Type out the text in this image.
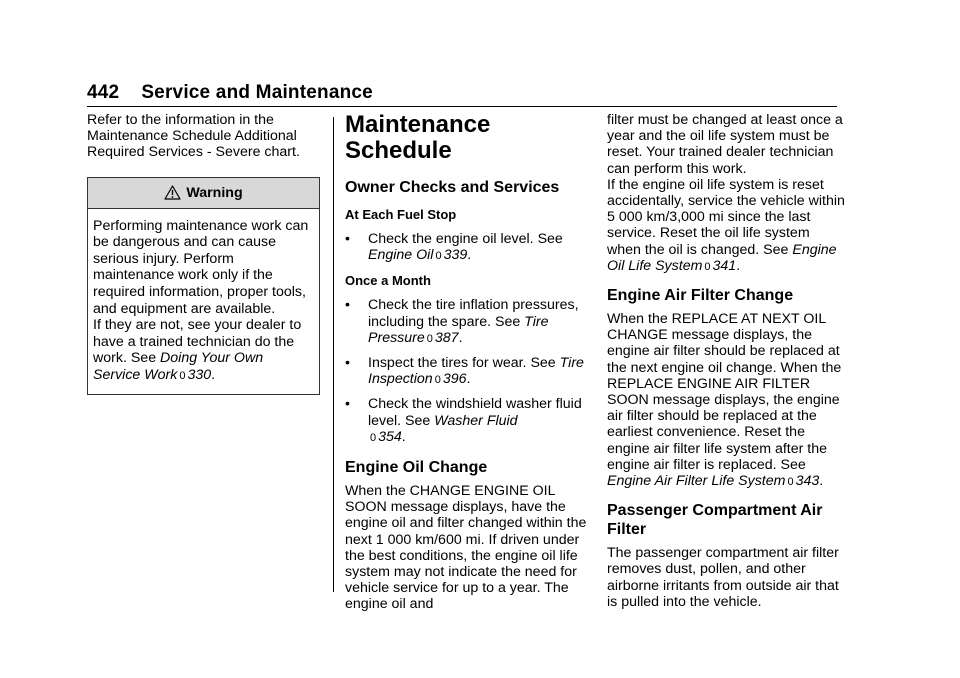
442 Service and Maintenance

Refer to the information in the Maintenance Schedule Additional Required Services - Severe chart.

Warning

Performing maintenance work can be dangerous and can cause serious injury. Perform maintenance work only if the required information, proper tools, and equipment are available.

If they are not, see your dealer to have a trained technician do the work. See Doing Your Own Service Work 0 330.

Maintenance Schedule
Owner Checks and Services
At Each Fuel Stop
•	Check the engine oil level. See Engine Oil 0 339.
Once a Month
•	Check the tire inflation pressures, including the spare. See Tire Pressure 0 387.
•	Inspect the tires for wear. See Tire Inspection 0 396.
•	Check the windshield washer fluid level. See Washer Fluid
0 354.
Engine Oil Change

When the CHANGE ENGINE OIL SOON message displays, have the engine oil and filter changed within the next 1 000 km/600 mi. If driven under the best conditions, the engine oil life system may not indicate the need for vehicle service for up to a year. The engine oil and

filter must be changed at least once a year and the oil life system must be reset. Your trained dealer technician can perform this work.

If the engine oil life system is reset accidentally, service the vehicle within 5 000 km/3,000 mi since the last service. Reset the oil life system when the oil is changed. See Engine Oil Life System 0 341.

Engine Air Filter Change

When the REPLACE AT NEXT OIL CHANGE message displays, the engine air filter should be replaced at the next engine oil change. When the REPLACE ENGINE AIR FILTER SOON message displays, the engine air filter should be replaced at the earliest convenience. Reset the engine air filter life system after the engine air filter is replaced. See Engine Air Filter Life System 0 343.

Passenger Compartment Air Filter

The passenger compartment air filter removes dust, pollen, and other airborne irritants from outside air that is pulled into the vehicle.
